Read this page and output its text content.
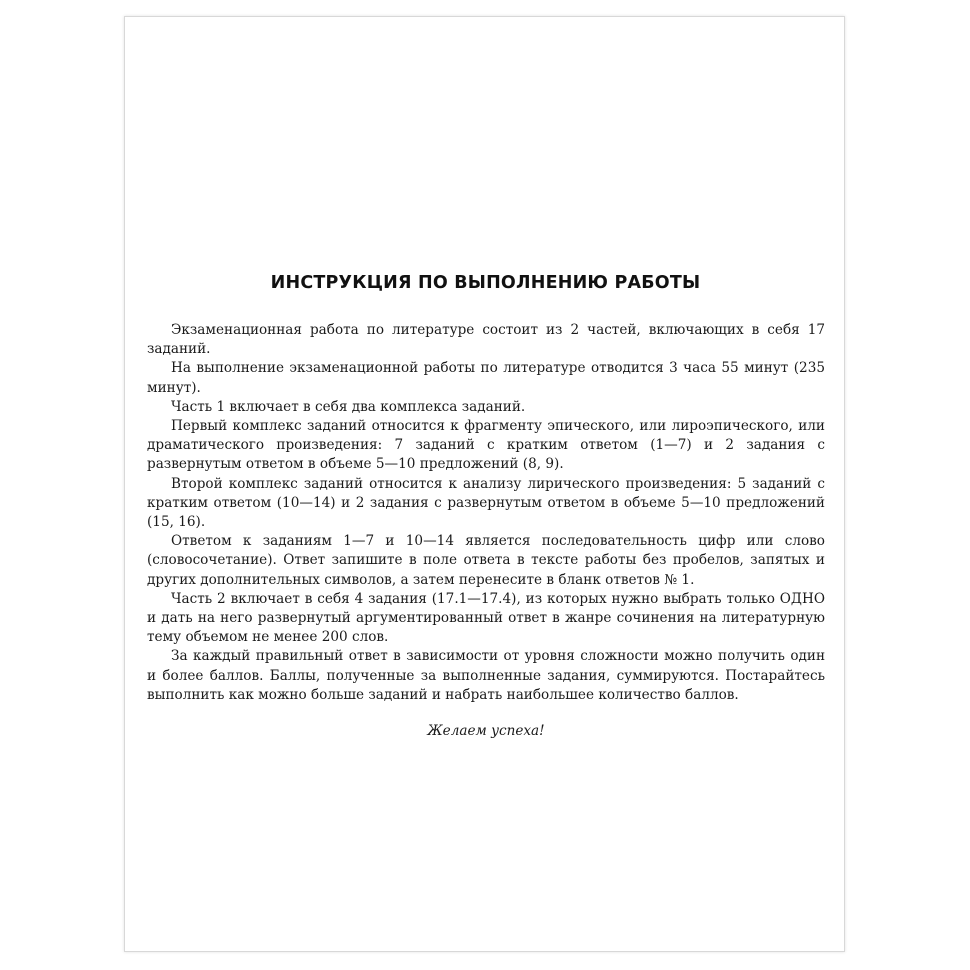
ИНСТРУКЦИЯ ПО ВЫПОЛНЕНИЮ РАБОТЫ

Экзаменационная работа по литературе состоит из 2 частей, включающих в себя 17 заданий.

На выполнение экзаменационной работы по литературе отводится 3 часа 55 минут (235 минут).

Часть 1 включает в себя два комплекса заданий.

Первый комплекс заданий относится к фрагменту эпического, или лироэпического, или драматического произведения: 7 заданий с кратким ответом (1—7) и 2 задания с развернутым ответом в объеме 5—10 предложений (8, 9).

Второй комплекс заданий относится к анализу лирического произведения: 5 заданий с кратким ответом (10—14) и 2 задания с развернутым ответом в объеме 5—10 предложений (15, 16).

Ответом к заданиям 1—7 и 10—14 является последовательность цифр или слово (словосочетание). Ответ запишите в поле ответа в тексте работы без пробелов, запятых и других дополнительных символов, а затем перенесите в бланк ответов № 1.

Часть 2 включает в себя 4 задания (17.1—17.4), из которых нужно выбрать только ОДНО и дать на него развернутый аргументированный ответ в жанре сочинения на литературную тему объемом не менее 200 слов.

За каждый правильный ответ в зависимости от уровня сложности можно получить один и более баллов. Баллы, полученные за выполненные задания, суммируются. Постарайтесь выполнить как можно больше заданий и набрать наибольшее количество баллов.

Желаем успеха!
